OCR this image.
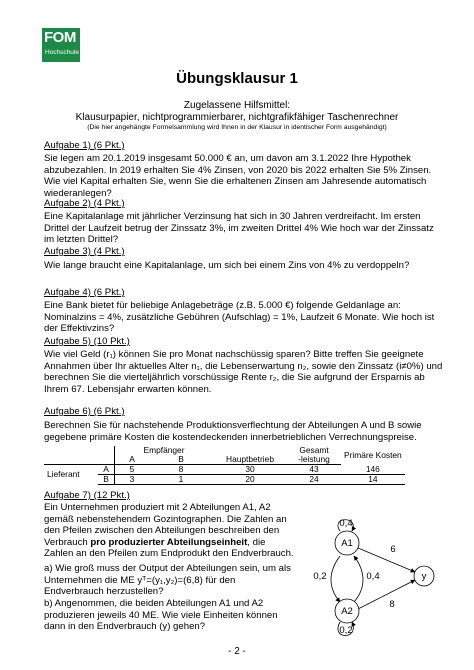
FOM
Hochschule
Übungsklausur 1
Zugelassene Hilfsmittel:
Klausurpapier, nichtprogrammierbarer, nichtgrafikfähiger Taschenrechner
(Die hier angehängte Formelsammlung wird Ihnen in der Klausur in identischer Form ausgehändigt)
Aufgabe 1) (6 Pkt.)
Sie legen am 20.1.2019 insgesamt 50.000 € an, um davon am 3.1.2022 Ihre Hypothek abzubezahlen. In 2019 erhalten Sie 4% Zinsen, von 2020 bis 2022 erhalten Sie 5% Zinsen. Wie viel Kapital erhalten Sie, wenn Sie die erhaltenen Zinsen am Jahresende automatisch wiederanlegen?
Aufgabe 2) (4 Pkt.)
Eine Kapitalanlage mit jährlicher Verzinsung hat sich in 30 Jahren verdreifacht. Im ersten Drittel der Laufzeit betrug der Zinssatz 3%, im zweiten Drittel 4% Wie hoch war der Zinssatz im letzten Drittel?
Aufgabe 3) (4 Pkt.)
Wie lange braucht eine Kapitalanlage, um sich bei einem Zins von 4% zu verdoppeln?
Aufgabe 4) (6 Pkt.)
Eine Bank bietet für beliebige Anlagebeträge (z.B. 5.000 €) folgende Geldanlage an: Nominalzins = 4%, zusätzliche Gebühren (Aufschlag) = 1%, Laufzeit 6 Monate. Wie hoch ist der Effektivzins?
Aufgabe 5) (10 Pkt.)
Wie viel Geld (r₁) können Sie pro Monat nachschüssig sparen? Bitte treffen Sie geeignete Annahmen über Ihr aktuelles Alter n₁, die Lebenserwartung n₂, sowie den Zinssatz (i≠0%) und berechnen Sie die vierteljährlich vorschüssige Rente r₂, die Sie aufgrund der Ersparnis ab Ihrem 67. Lebensjahr erwarten können.
Aufgabe 6) (6 Pkt.)
Berechnen Sie für nachstehende Produktionsverflechtung der Abteilungen A und B sowie gegebene primäre Kosten die kostendeckenden innerbetrieblichen Verrechnungspreise.
		Empfänger			Gesamt	Primäre Kosten
		A	B	Hauptbetrieb	-leistung	
Lieferant	A	5	8	30	43	146
	B	3	1	20	24	14
Aufgabe 7) (12 Pkt.)
Ein Unternehmen produziert mit 2 Abteilungen A1, A2 gemäß nebenstehendem Gozintographen. Die Zahlen an den Pfeilen zwischen den Abteilungen beschreiben den Verbrauch pro produzierter Abteilungseinheit, die Zahlen an den Pfeilen zum Endprodukt den Endverbrauch.
a) Wie groß muss der Output der Abteilungen sein, um als Unternehmen die ME yᵀ=(y₁,y₂)=(6,8) für den Endverbrauch herzustellen?
b) Angenommen, die beiden Abteilungen A1 und A2 produzieren jeweils 40 ME. Wie viele Einheiten können dann in den Endverbrauch (y) gehen?
A1
A2
y
0,4
0,2
0,2	0,4
6
8
- 2 -
